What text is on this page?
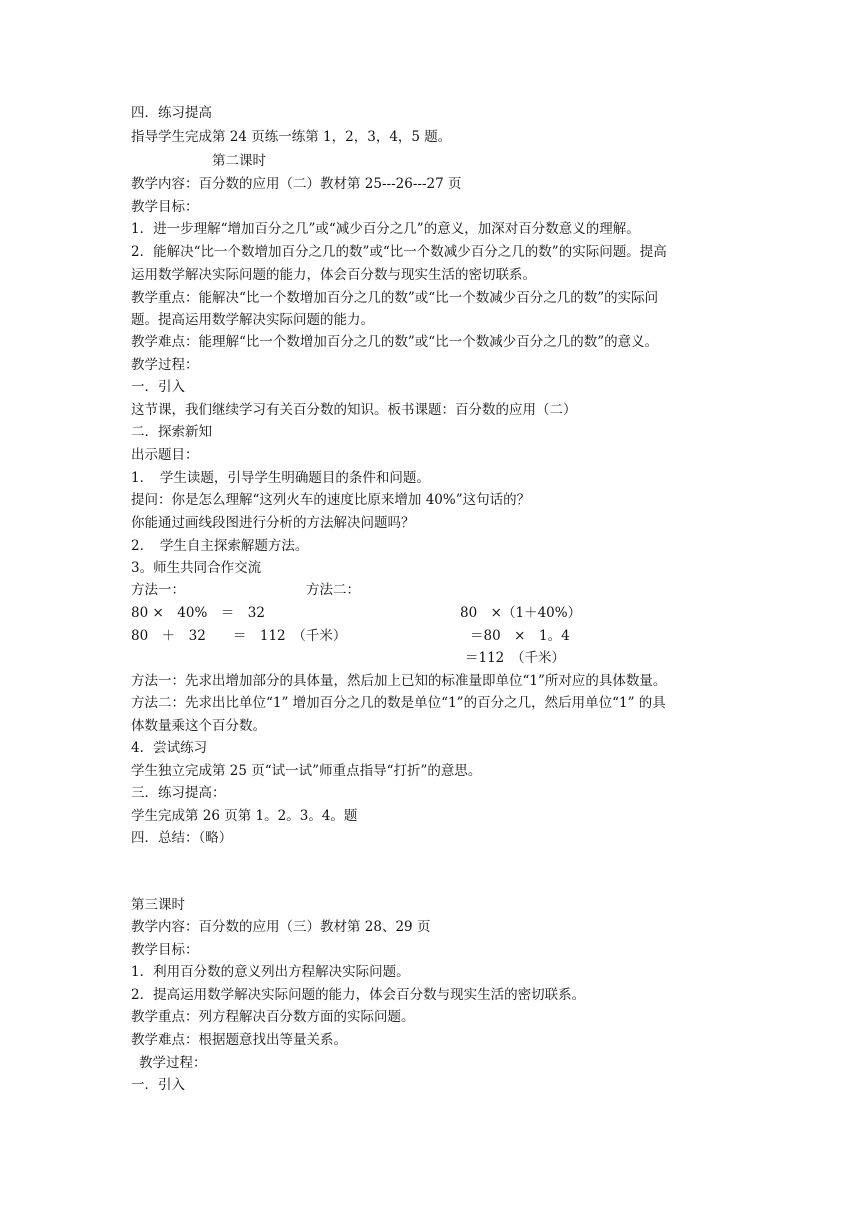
四．练习提高
指导学生完成第 24 页练一练第 1，2，3，4，5 题。
第二课时
教学内容：百分数的应用（二）教材第 25---26---27 页
教学目标：
1．进一步理解“增加百分之几”或“减少百分之几”的意义，加深对百分数意义的理解。
2．能解决“比一个数增加百分之几的数”或“比一个数减少百分之几的数”的实际问题。提高
运用数学解决实际问题的能力，体会百分数与现实生活的密切联系。
教学重点：能解决“比一个数增加百分之几的数”或“比一个数减少百分之几的数”的实际问
题。提高运用数学解决实际问题的能力。
教学难点：能理解“比一个数增加百分之几的数”或“比一个数减少百分之几的数”的意义。
教学过程：
一．引入
这节课，我们继续学习有关百分数的知识。板书课题：百分数的应用（二）
二．探索新知
出示题目：
1．　学生读题，引导学生明确题目的条件和问题。
提问：你是怎么理解“这列火车的速度比原来增加 40%”这句话的？
你能通过画线段图进行分析的方法解决问题吗？
2．　学生自主探索解题方法。
3。师生共同合作交流
方法一：	方法二：
80 ×　40%　＝　32	80　×（1＋40%）
80　＋　32　　＝　112　（千米）	＝80　×　1。4
＝112　（千米）
方法一：先求出增加部分的具体量，然后加上已知的标准量即单位“1”所对应的具体数量。
方法二：先求出比单位“1” 增加百分之几的数是单位“1”的百分之几，然后用单位“1” 的具
体数量乘这个百分数。
4．尝试练习
学生独立完成第 25 页“试一试”师重点指导“打折”的意思。
三．练习提高：
学生完成第 26 页第 1。2。3。4。题
四．总结：（略）
第三课时
教学内容：百分数的应用（三）教材第 28、29 页
教学目标：
1．利用百分数的意义列出方程解决实际问题。
2．提高运用数学解决实际问题的能力，体会百分数与现实生活的密切联系。
教学重点：列方程解决百分数方面的实际问题。
教学难点：根据题意找出等量关系。
教学过程：
一．引入
